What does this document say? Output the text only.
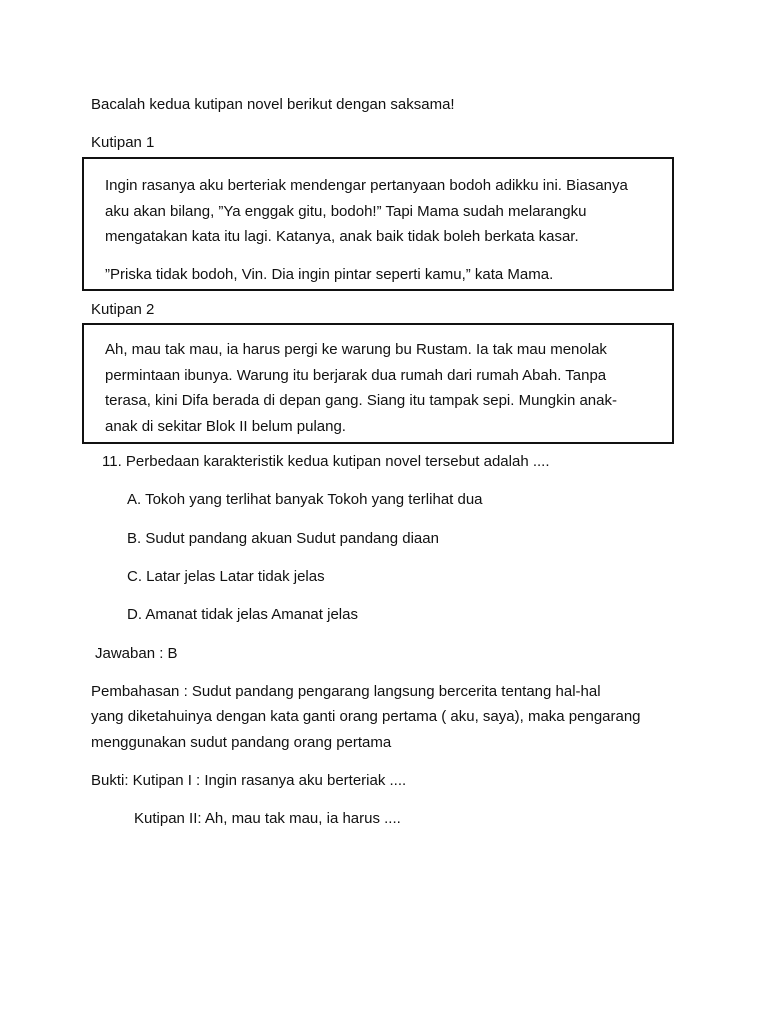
Bacalah kedua kutipan novel berikut dengan saksama!
Kutipan 1

Ingin rasanya aku berteriak mendengar pertanyaan bodoh adikku ini. Biasanya

aku akan bilang, ”Ya enggak gitu, bodoh!” Tapi Mama sudah melarangku

mengatakan kata itu lagi. Katanya, anak baik tidak boleh berkata kasar.

”Priska tidak bodoh, Vin. Dia ingin pintar seperti kamu,” kata Mama.

Kutipan 2

Ah, mau tak mau, ia harus pergi ke warung bu Rustam. Ia tak mau menolak

permintaan ibunya. Warung itu berjarak dua rumah dari rumah Abah. Tanpa

terasa, kini Difa berada di depan gang. Siang itu tampak sepi. Mungkin anak-

anak di sekitar Blok II belum pulang.

11. Perbedaan karakteristik kedua kutipan novel tersebut adalah ....
A. Tokoh yang terlihat banyak Tokoh yang terlihat dua
B. Sudut pandang akuan Sudut pandang diaan
C. Latar jelas Latar tidak jelas
D. Amanat tidak jelas Amanat jelas
Jawaban : B
Pembahasan : Sudut pandang pengarang langsung bercerita tentang hal-hal
yang diketahuinya dengan kata ganti orang pertama ( aku, saya), maka pengarang
menggunakan sudut pandang orang pertama
Bukti: Kutipan I : Ingin rasanya aku berteriak ....
Kutipan II: Ah, mau tak mau, ia harus ....
